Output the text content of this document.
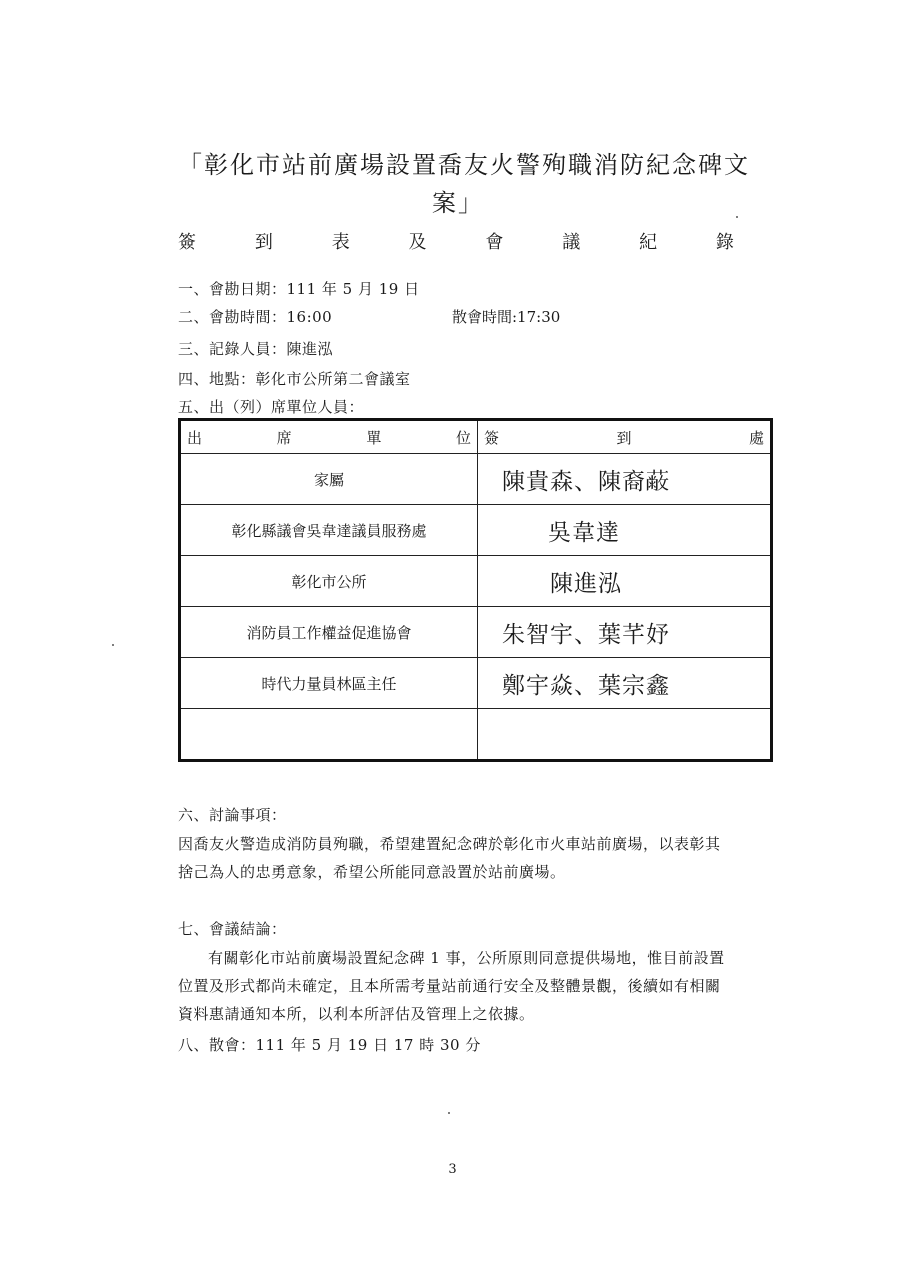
「彰化市站前廣場設置喬友火警殉職消防紀念碑文
案」
簽	到	表	及	會	議	紀	錄
一、會勘日期：111 年 5 月 19 日
二、會勘時間：16:00	散會時間:17:30
三、記錄人員：陳進泓
四、地點：彰化市公所第二會議室
五、出（列）席單位人員：
出 席 單 位	簽 到 處

家屬	陳貴森、陳裔𦽗
彰化縣議會吳韋達議員服務處	吳韋達
彰化市公所	陳進泓
消防員工作權益促進協會	朱智宇、葉芊妤
時代力量員林區主任	鄭宇焱、葉宗鑫

六、討論事項：
因喬友火警造成消防員殉職，希望建置紀念碑於彰化市火車站前廣場，以表彰其捨己為人的忠勇意象，希望公所能同意設置於站前廣場。
七、會議結論：
有關彰化市站前廣場設置紀念碑 1 事，公所原則同意提供場地，惟目前設置位置及形式都尚未確定，且本所需考量站前通行安全及整體景觀，後續如有相關資料惠請通知本所，以利本所評估及管理上之依據。
八、散會：111 年 5 月 19 日 17 時 30 分
3
